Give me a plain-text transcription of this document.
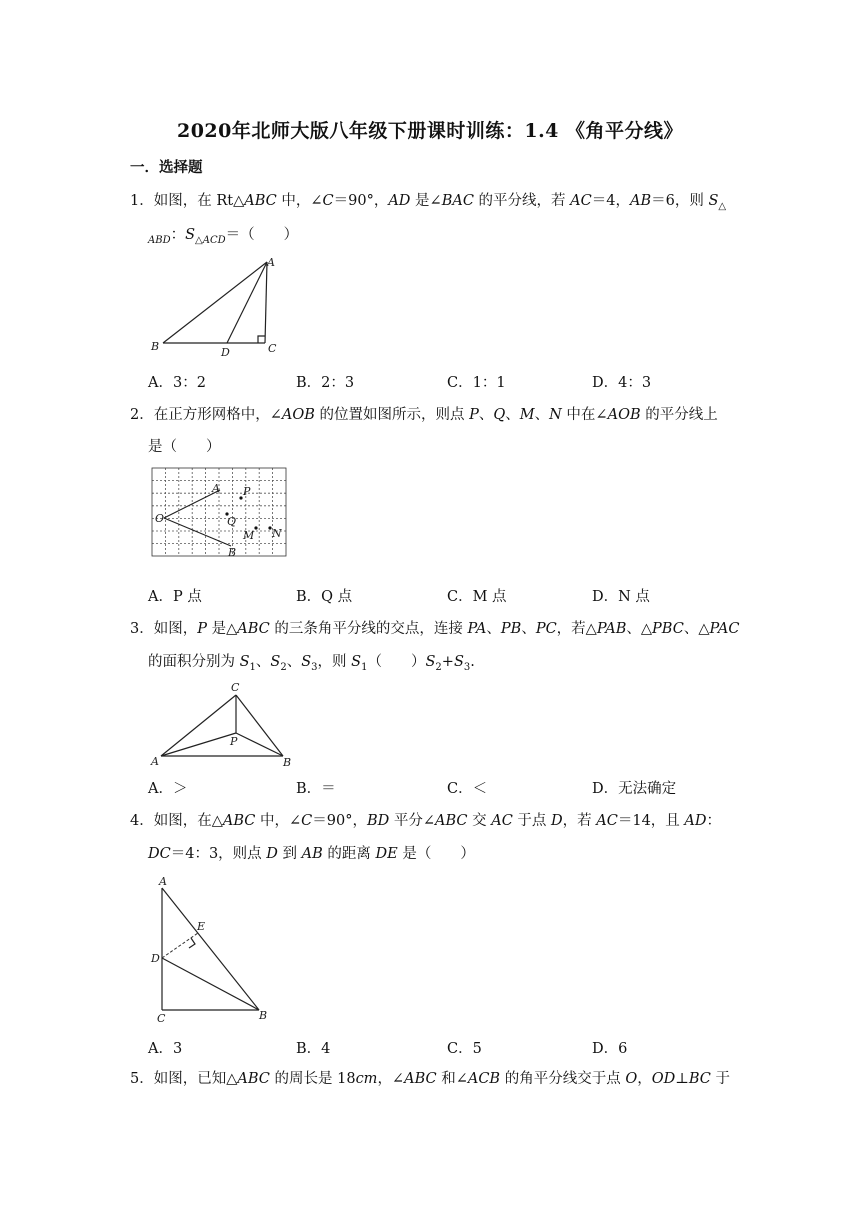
2020年北师大版八年级下册课时训练：1.4 《角平分线》
一．选择题
1．如图，在 Rt△ABC 中，∠C＝90°，AD 是∠BAC 的平分线，若 AC＝4，AB＝6，则 $S_\triangle$
$_{ABD}$：$S_{\triangle ACD}=$（　　）
A
B	C
D
A．3：2	B．2：3	C．1：1	D．4：3
2．在正方形网格中，∠AOB 的位置如图所示，则点 P、Q、M、N 中在∠AOB 的平分线上
是（　　）
O
A
B
P
Q
M N
A．P 点	B．Q 点	C．M 点	D．N 点
3．如图，P 是△ABC 的三条角平分线的交点，连接 PA、PB、PC，若△PAB、△PBC、△PAC
的面积分别为 $S_1$、$S_2$、$S_3$，则 $S_1$（　　）$S_2+S_3$.
C
A	B
P
A．＞	B．＝	C．＜	D．无法确定
4．如图，在△ABC 中，∠C＝90°，BD 平分∠ABC 交 AC 于点 D，若 AC＝14，且 AD：
DC＝4：3，则点 D 到 AB 的距离 DE 是（　　）
A
D
E
C	B
A．3	B．4	C．5	D．6
5．如图，已知△ABC 的周长是 18cm，∠ABC 和∠ACB 的角平分线交于点 O，OD⊥BC 于
